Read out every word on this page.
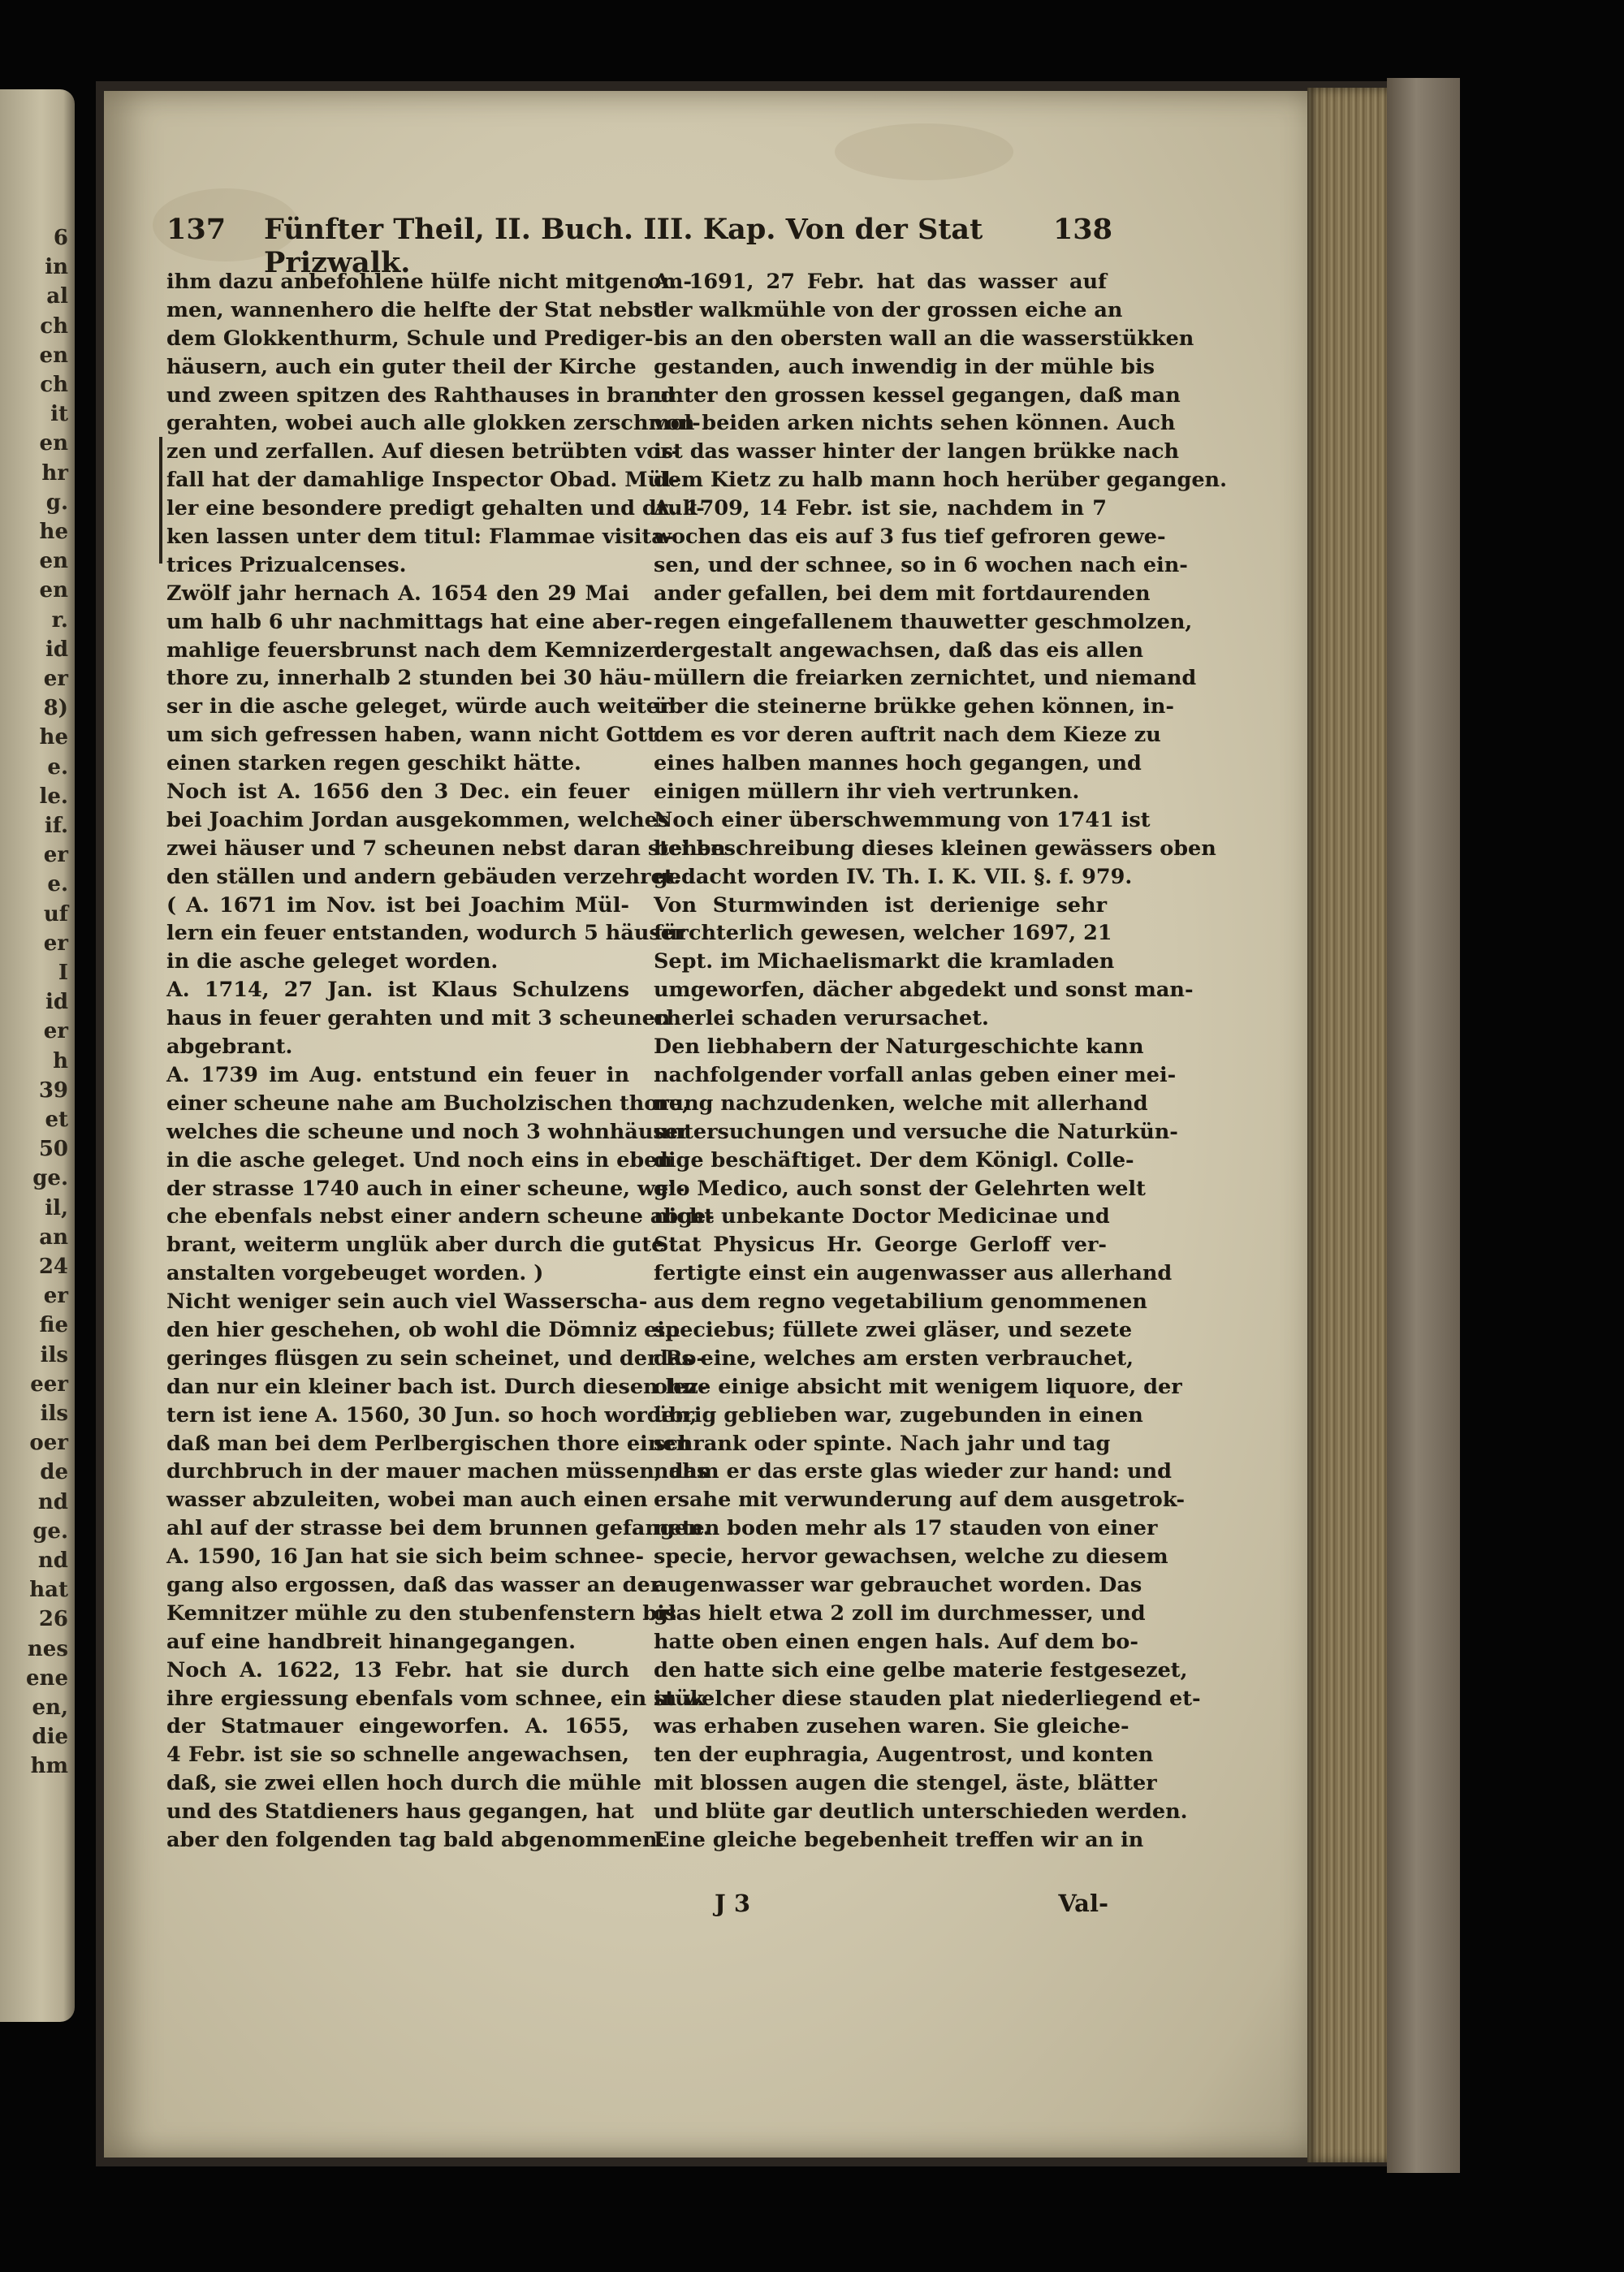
6
in
al
ch
en
ch
it
en
hr
g.
he
en
en
r.
id
er
8)
he
e.
le.
if.
er
e.
uf
er
I
id
er
h
39
et
50
ge.
il,
an
24
er
fie
ils
eer
ils
oer
de
nd
ge.
nd
hat
26
nes
ene
en,
die
hm
137 Fünfter Theil, II. Buch. III. Kap. Von der Stat Prizwalk.
138
ihm dazu anbefohlene hülfe nicht mitgenom-
men, wannenhero die helfte der Stat nebst
dem Glokkenthurm, Schule und Prediger-
häusern, auch ein guter theil der Kirche
und zween spitzen des Rahthauses in brand
gerahten, wobei auch alle glokken zerschmol-
zen und zerfallen. Auf diesen betrübten vor-
fall hat der damahlige Inspector Obad. Mül-
ler eine besondere predigt gehalten und druk-
ken lassen unter dem titul: Flammae visita-
trices Prizualcenses.
Zwölf jahr hernach A. 1654 den 29 Mai
um halb 6 uhr nachmittags hat eine aber-
mahlige feuersbrunst nach dem Kemnizer
thore zu, innerhalb 2 stunden bei 30 häu-
ser in die asche geleget, würde auch weiter
um sich gefressen haben, wann nicht Gott
einen starken regen geschikt hätte.
Noch ist A. 1656 den 3 Dec. ein feuer
bei Joachim Jordan ausgekommen, welches
zwei häuser und 7 scheunen nebst daran stehen-
den ställen und andern gebäuden verzehret.
( A. 1671 im Nov. ist bei Joachim Mül-
lern ein feuer entstanden, wodurch 5 häuser
in die asche geleget worden.
A. 1714, 27 Jan. ist Klaus Schulzens
haus in feuer gerahten und mit 3 scheunen
abgebrant.
A. 1739 im Aug. entstund ein feuer in
einer scheune nahe am Bucholzischen thore,
welches die scheune und noch 3 wohnhäuser
in die asche geleget. Und noch eins in eben
der strasse 1740 auch in einer scheune, wel-
che ebenfals nebst einer andern scheune abge-
brant, weiterm unglük aber durch die gute
anstalten vorgebeuget worden. )
Nicht weniger sein auch viel Wasserscha-
den hier geschehen, ob wohl die Dömniz ein
geringes flüsgen zu sein scheinet, und der Ro-
dan nur ein kleiner bach ist. Durch diesen lez-
tern ist iene A. 1560, 30 Jun. so hoch worden,
daß man bei dem Perlbergischen thore einen
durchbruch in der mauer machen müssen, das
wasser abzuleiten, wobei man auch einen
ahl auf der strasse bei dem brunnen gefangen.
A. 1590, 16 Jan hat sie sich beim schnee-
gang also ergossen, daß das wasser an der
Kemnitzer mühle zu den stubenfenstern bis
auf eine handbreit hinangegangen.
Noch A. 1622, 13 Febr. hat sie durch
ihre ergiessung ebenfals vom schnee, ein stük
der Statmauer eingeworfen. A. 1655,
4 Febr. ist sie so schnelle angewachsen,
daß, sie zwei ellen hoch durch die mühle
und des Statdieners haus gegangen, hat
aber den folgenden tag bald abgenommen.
A. 1691, 27 Febr. hat das wasser auf
der walkmühle von der grossen eiche an
bis an den obersten wall an die wasserstükken
gestanden, auch inwendig in der mühle bis
unter den grossen kessel gegangen, daß man
von beiden arken nichts sehen können. Auch
ist das wasser hinter der langen brükke nach
dem Kietz zu halb mann hoch herüber gegangen.
A. 1709, 14 Febr. ist sie, nachdem in 7
wochen das eis auf 3 fus tief gefroren gewe-
sen, und der schnee, so in 6 wochen nach ein-
ander gefallen, bei dem mit fortdaurenden
regen eingefallenem thauwetter geschmolzen,
dergestalt angewachsen, daß das eis allen
müllern die freiarken zernichtet, und niemand
über die steinerne brükke gehen können, in-
dem es vor deren auftrit nach dem Kieze zu
eines halben mannes hoch gegangen, und
einigen müllern ihr vieh vertrunken.
Noch einer überschwemmung von 1741 ist
bei beschreibung dieses kleinen gewässers oben
gedacht worden IV. Th. I. K. VII. §. f. 979.
Von Sturmwinden ist derienige sehr
fürchterlich gewesen, welcher 1697, 21
Sept. im Michaelismarkt die kramladen
umgeworfen, dächer abgedekt und sonst man-
cherlei schaden verursachet.
Den liebhabern der Naturgeschichte kann
nachfolgender vorfall anlas geben einer mei-
nung nachzudenken, welche mit allerhand
untersuchungen und versuche die Naturkün-
dige beschäftiget. Der dem Königl. Colle-
gio Medico, auch sonst der Gelehrten welt
nicht unbekante Doctor Medicinae und
Stat Physicus Hr. George Gerloff ver-
fertigte einst ein augenwasser aus allerhand
aus dem regno vegetabilium genommenen
speciebus; füllete zwei gläser, und sezete
das eine, welches am ersten verbrauchet,
ohne einige absicht mit wenigem liquore, der
übrig geblieben war, zugebunden in einen
schrank oder spinte. Nach jahr und tag
nahm er das erste glas wieder zur hand: und
ersahe mit verwunderung auf dem ausgetrok-
neten boden mehr als 17 stauden von einer
specie, hervor gewachsen, welche zu diesem
augenwasser war gebrauchet worden. Das
glas hielt etwa 2 zoll im durchmesser, und
hatte oben einen engen hals. Auf dem bo-
den hatte sich eine gelbe materie festgesezet,
in welcher diese stauden plat niederliegend et-
was erhaben zusehen waren. Sie gleiche-
ten der euphragia, Augentrost, und konten
mit blossen augen die stengel, äste, blätter
und blüte gar deutlich unterschieden werden.
Eine gleiche begebenheit treffen wir an in
J 3	Val-
